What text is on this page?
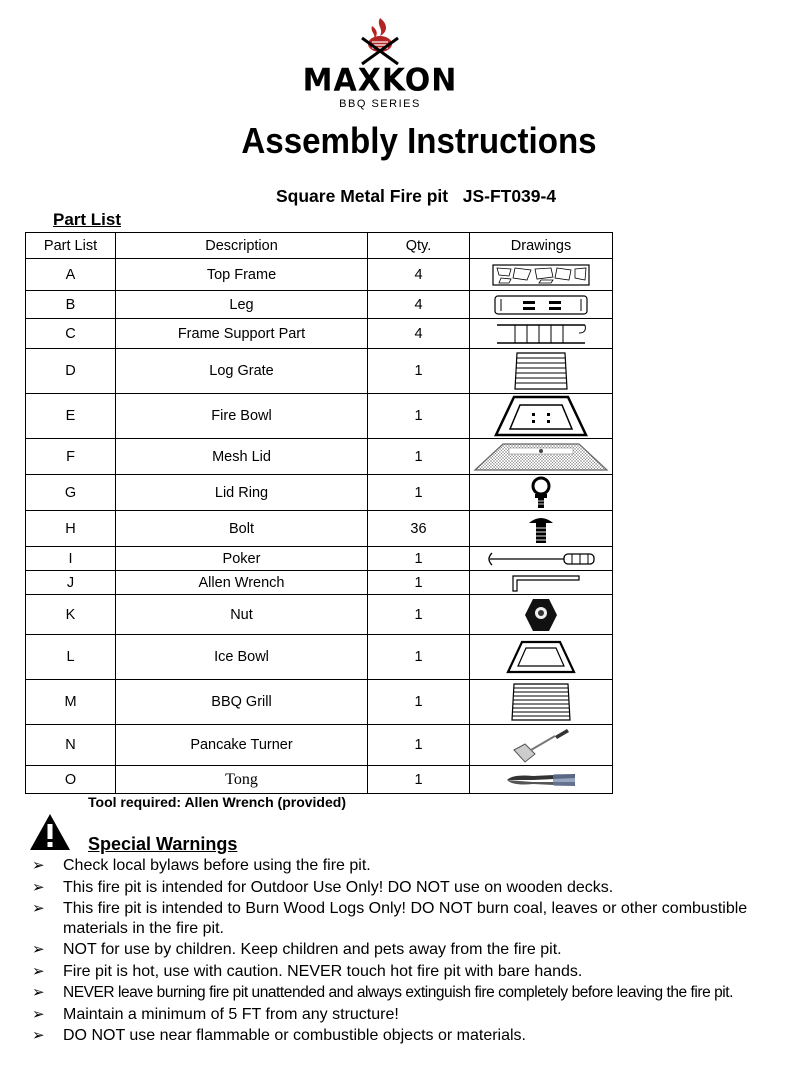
MAXKON
BBQ SERIES
Assembly Instructions
Square Metal Fire pit   JS-FT039-4
Part List
Part List	Description	Qty.	Drawings
A	Top Frame	4	

B	Leg	4	

C	Frame Support Part	4	

D	Log Grate	1	

E	Fire Bowl	1	

F	Mesh Lid	1	

G	Lid Ring	1	

H	Bolt	36	

I	Poker	1	

J	Allen Wrench	1	

K	Nut	1	

L	Ice Bowl	1	

M	BBQ Grill	1	

N	Pancake Turner	1	

O	Tong	1	
Tool required: Allen Wrench (provided)
Special Warnings
➢ Check local bylaws before using the fire pit.
➢ This fire pit is intended for Outdoor Use Only! DO NOT use on wooden decks.
➢ This fire pit is intended to Burn Wood Logs Only! DO NOT burn coal, leaves or other combustible materials in the fire pit.
➢ NOT for use by children. Keep children and pets away from the fire pit.
➢ Fire pit is hot, use with caution. NEVER touch hot fire pit with bare hands.
➢ NEVER leave burning fire pit unattended and always extinguish fire completely before leaving the fire pit.
➢ Maintain a minimum of 5 FT from any structure!
➢ DO NOT use near flammable or combustible objects or materials.
